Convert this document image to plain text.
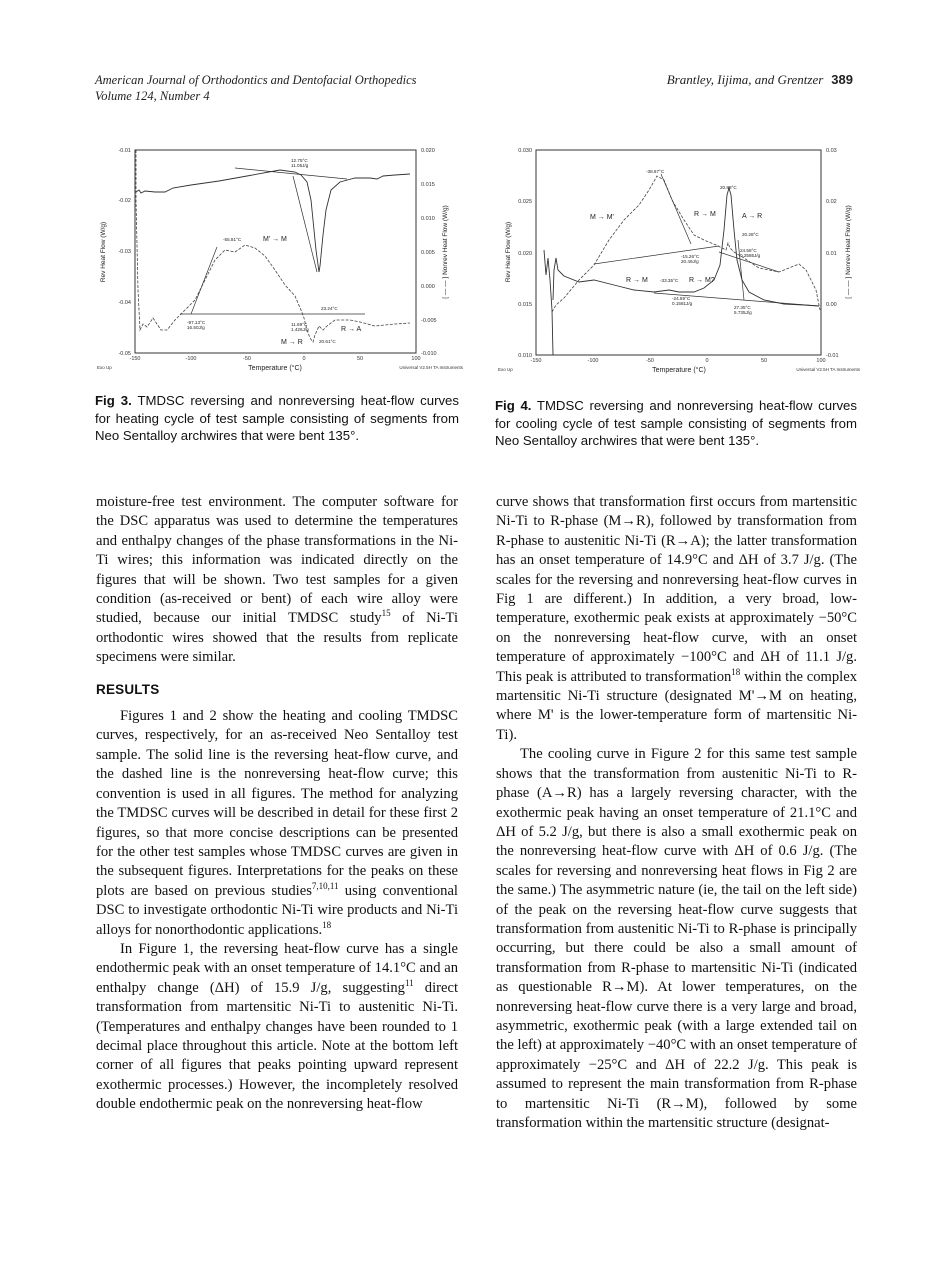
American Journal of Orthodontics and Dentofacial Orthopedics
Volume 124, Number 4
Brantley, Iijima, and Grentzer 389
-0.01
-0.02
-0.03
-0.04
-0.05
0.020
0.015
0.010
0.005
0.000
-0.005
-0.010
-150	-100	-50	0	50	100
Temperature (°C)
Rev Heat Flow (W/g)	[ — — ] Nonrev Heat Flow (W/g)
Exo Up	Universal V2.5H TA Instruments
12.75°C
11.05J/g
-55.81°C	M' → M
-97.13°C
16.50J/g
23.24°C
11.69°C
1.426J/g	R → A
M → R	20.61°C
Fig 3. TMDSC reversing and nonreversing heat-flow curves for heating cycle of test sample consisting of segments from Neo Sentalloy archwires that were bent 135°.
0.030
0.025
0.020
0.015
0.010
0.03
0.02
0.01
0.00
-0.01
-150	-100	-50	0	50	100
Temperature (°C)
Rev Heat Flow (W/g)	[ — — ] Nonrev Heat Flow (W/g)
Exo Up	Universal V2.5H TA Instruments
-38.67°C
R → M
20.88°C
M → M'	A → R
20.28°C
24.58°C
0.2585J/g
-15.26°C
20.49J/g
R → M	-33.35°C R → M?
-24.59°C
0.1581J/g
27.35°C
5.735J/g
Fig 4. TMDSC reversing and nonreversing heat-flow curves for cooling cycle of test sample consisting of segments from Neo Sentalloy archwires that were bent 135°.

moisture-free test environment. The computer software for the DSC apparatus was used to determine the temperatures and enthalpy changes of the phase transformations in the Ni-Ti wires; this information was indicated directly on the figures that will be shown. Two test samples for a given condition (as-received or bent) of each wire alloy were studied, because our initial TMDSC study$^{15}$ of Ni-Ti orthodontic wires showed that the results from replicate specimens were similar.

RESULTS

Figures 1 and 2 show the heating and cooling TMDSC curves, respectively, for an as-received Neo Sentalloy test sample. The solid line is the reversing heat-flow curve, and the dashed line is the nonreversing heat-flow curve; this convention is used in all figures. The method for analyzing the TMDSC curves will be described in detail for these first 2 figures, so that more concise descriptions can be presented for the other test samples whose TMDSC curves are given in the subsequent figures. Interpretations for the peaks on these plots are based on previous studies$^{7,10,11}$ using conventional DSC to investigate orthodontic Ni-Ti wire products and Ni-Ti alloys for nonorthodontic applications.$^{18}$

In Figure 1, the reversing heat-flow curve has a single endothermic peak with an onset temperature of 14.1°C and an enthalpy change (ΔH) of 15.9 J/g, suggesting$^{11}$ direct transformation from martensitic Ni-Ti to austenitic Ni-Ti. (Temperatures and enthalpy changes have been rounded to 1 decimal place throughout this article. Note at the bottom left corner of all figures that peaks pointing upward represent exothermic processes.) However, the incompletely resolved double endothermic peak on the nonreversing heat-flow

curve shows that transformation first occurs from martensitic Ni-Ti to R-phase (M→R), followed by transformation from R-phase to austenitic Ni-Ti (R→A); the latter transformation has an onset temperature of 14.9°C and ΔH of 3.7 J/g. (The scales for the reversing and nonreversing heat-flow curves in Fig 1 are different.) In addition, a very broad, low-temperature, exothermic peak exists at approximately −50°C on the nonreversing heat-flow curve, with an onset temperature of approximately −100°C and ΔH of 11.1 J/g. This peak is attributed to transformation$^{18}$ within the complex martensitic Ni-Ti structure (designated M'→M on heating, where M' is the lower-temperature form of martensitic Ni-Ti).

The cooling curve in Figure 2 for this same test sample shows that the transformation from austenitic Ni-Ti to R-phase (A→R) has a largely reversing character, with the exothermic peak having an onset temperature of 21.1°C and ΔH of 5.2 J/g, but there is also a small exothermic peak on the nonreversing heat-flow curve with ΔH of 0.6 J/g. (The scales for reversing and nonreversing heat flows in Fig 2 are the same.) The asymmetric nature (ie, the tail on the left side) of the peak on the reversing heat-flow curve suggests that transformation from austenitic Ni-Ti to R-phase is principally occurring, but there could be also a small amount of transformation from R-phase to martensitic Ni-Ti (indicated as questionable R→M). At lower temperatures, on the nonreversing heat-flow curve there is a very large and broad, asymmetric, exothermic peak (with a large extended tail on the left) at approximately −40°C with an onset temperature of approximately −25°C and ΔH of 22.2 J/g. This peak is assumed to represent the main transformation from R-phase to martensitic Ni-Ti (R→M), followed by some transformation within the martensitic structure (designat-
